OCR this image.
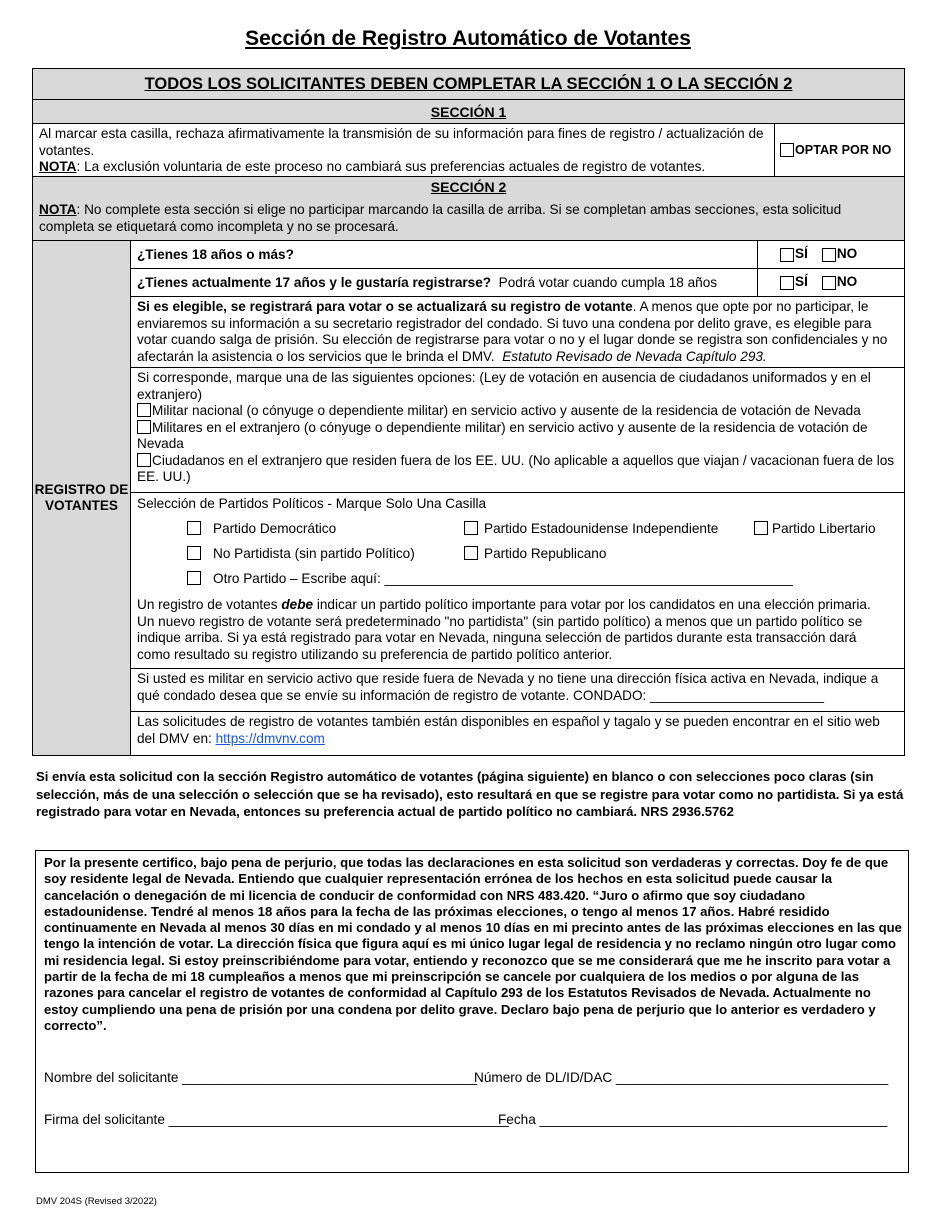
Sección de Registro Automático de Votantes
TODOS LOS SOLICITANTES DEBEN COMPLETAR LA SECCIÓN 1 O LA SECCIÓN 2
SECCIÓN 1
Al marcar esta casilla, rechaza afirmativamente la transmisión de su información para fines de registro / actualización de votantes.
NOTA: La exclusión voluntaria de este proceso no cambiará sus preferencias actuales de registro de votantes.
OPTAR POR NO
SECCIÓN 2
NOTA: No complete esta sección si elige no participar marcando la casilla de arriba. Si se completan ambas secciones, esta solicitud completa se etiquetará como incompleta y no se procesará.
REGISTRO DE VOTANTES
¿Tienes 18 años o más?	SÍ NO
¿Tienes actualmente 17 años y le gustaría registrarse? Podrá votar cuando cumpla 18 años	SÍ NO
Si es elegible, se registrará para votar o se actualizará su registro de votante. A menos que opte por no participar, le enviaremos su información a su secretario registrador del condado. Si tuvo una condena por delito grave, es elegible para votar cuando salga de prisión. Su elección de registrarse para votar o no y el lugar donde se registra son confidenciales y no afectarán la asistencia o los servicios que le brinda el DMV. Estatuto Revisado de Nevada Capítulo 293.
Si corresponde, marque una de las siguientes opciones: (Ley de votación en ausencia de ciudadanos uniformados y en el extranjero)
Militar nacional (o cónyuge o dependiente militar) en servicio activo y ausente de la residencia de votación de Nevada
Militares en el extranjero (o cónyuge o dependiente militar) en servicio activo y ausente de la residencia de votación de Nevada
Ciudadanos en el extranjero que residen fuera de los EE. UU. (No aplicable a aquellos que viajan / vacacionan fuera de los EE. UU.)
Selección de Partidos Políticos - Marque Solo Una Casilla
Partido Democrático	Partido Estadounidense Independiente	Partido Libertario
No Partidista (sin partido Político)	Partido Republicano
Otro Partido – Escribe aquí: ______________________________________________________
Un registro de votantes debe indicar un partido político importante para votar por los candidatos en una elección primaria. Un nuevo registro de votante será predeterminado "no partidista" (sin partido político) a menos que un partido político se indique arriba. Si ya está registrado para votar en Nevada, ninguna selección de partidos durante esta transacción dará como resultado su registro utilizando su preferencia de partido político anterior.
Si usted es militar en servicio activo que reside fuera de Nevada y no tiene una dirección física activa en Nevada, indique a qué condado desea que se envíe su información de registro de votante. CONDADO: _______________________
Las solicitudes de registro de votantes también están disponibles en español y tagalo y se pueden encontrar en el sitio web del DMV en: https://dmvnv.com
Si envía esta solicitud con la sección Registro automático de votantes (página siguiente) en blanco o con selecciones poco claras (sin selección, más de una selección o selección que se ha revisado), esto resultará en que se registre para votar como no partidista. Si ya está registrado para votar en Nevada, entonces su preferencia actual de partido político no cambiará. NRS 2936.5762
Por la presente certifico, bajo pena de perjurio, que todas las declaraciones en esta solicitud son verdaderas y correctas. Doy fe de que soy residente legal de Nevada. Entiendo que cualquier representación errónea de los hechos en esta solicitud puede causar la cancelación o denegación de mi licencia de conducir de conformidad con NRS 483.420. “Juro o afirmo que soy ciudadano estadounidense. Tendré al menos 18 años para la fecha de las próximas elecciones, o tengo al menos 17 años. Habré residido continuamente en Nevada al menos 30 días en mi condado y al menos 10 días en mi precinto antes de las próximas elecciones en las que tengo la intención de votar. La dirección física que figura aquí es mi único lugar legal de residencia y no reclamo ningún otro lugar como mi residencia legal. Si estoy preinscribiéndome para votar, entiendo y reconozco que se me considerará que me he inscrito para votar a partir de la fecha de mi 18 cumpleaños a menos que mi preinscripción se cancele por cualquiera de los medios o por alguna de las razones para cancelar el registro de votantes de conformidad al Capítulo 293 de los Estatutos Revisados de Nevada. Actualmente no estoy cumpliendo una pena de prisión por una condena por delito grave. Declaro bajo pena de perjurio que lo anterior es verdadero y correcto”.
Nombre del solicitante _______________________________________
Número de DL/ID/DAC ____________________________________
Firma del solicitante _____________________________________________
Fecha ______________________________________________
DMV 204S (Revised 3/2022)
